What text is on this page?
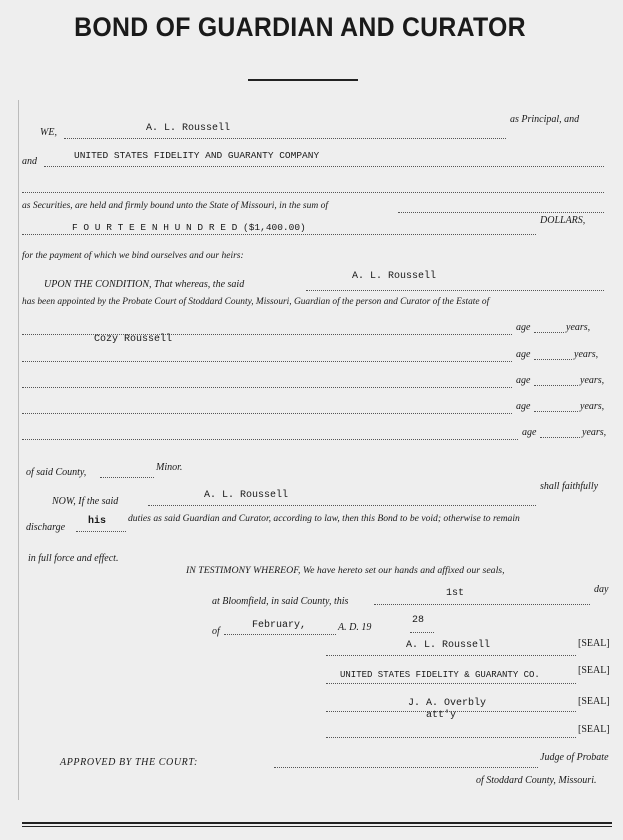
BOND OF GUARDIAN AND CURATOR
WE,	A. L. Roussell
as Principal, and
and
UNITED STATES FIDELITY AND GUARANTY COMPANY
as Securities, are held and firmly bound unto the State of Missouri, in the sum of
F O U R T E E N H U N D R E D ($1,400.00)
DOLLARS,
for the payment of which we bind ourselves and our heirs:
UPON THE CONDITION, That whereas, the said
A. L. Roussell
has been appointed by the Probate Court of Stoddard County, Missouri, Guardian of the person and Curator of the Estate of
Cozy Roussell
age	years,
age	years,
age	years,
age	years,
age	years,
of said County,	Minor.
NOW, If the said
A. L. Roussell
shall faithfully
discharge
his duties as said Guardian and Curator, according to law, then this Bond to be void; otherwise to remain
in full force and effect.
IN TESTIMONY WHEREOF, We have hereto set our hands and affixed our seals,
at Bloomfield, in said County, this
1st	day
of
February,	A. D. 19
28
A. L. Roussell	[SEAL]
UNITED STATES FIDELITY & GUARANTY CO.	[SEAL]
J. A. Overbly
att'y
[SEAL]
[SEAL]
APPROVED BY THE COURT:	Judge of Probate
of Stoddard County, Missouri.
